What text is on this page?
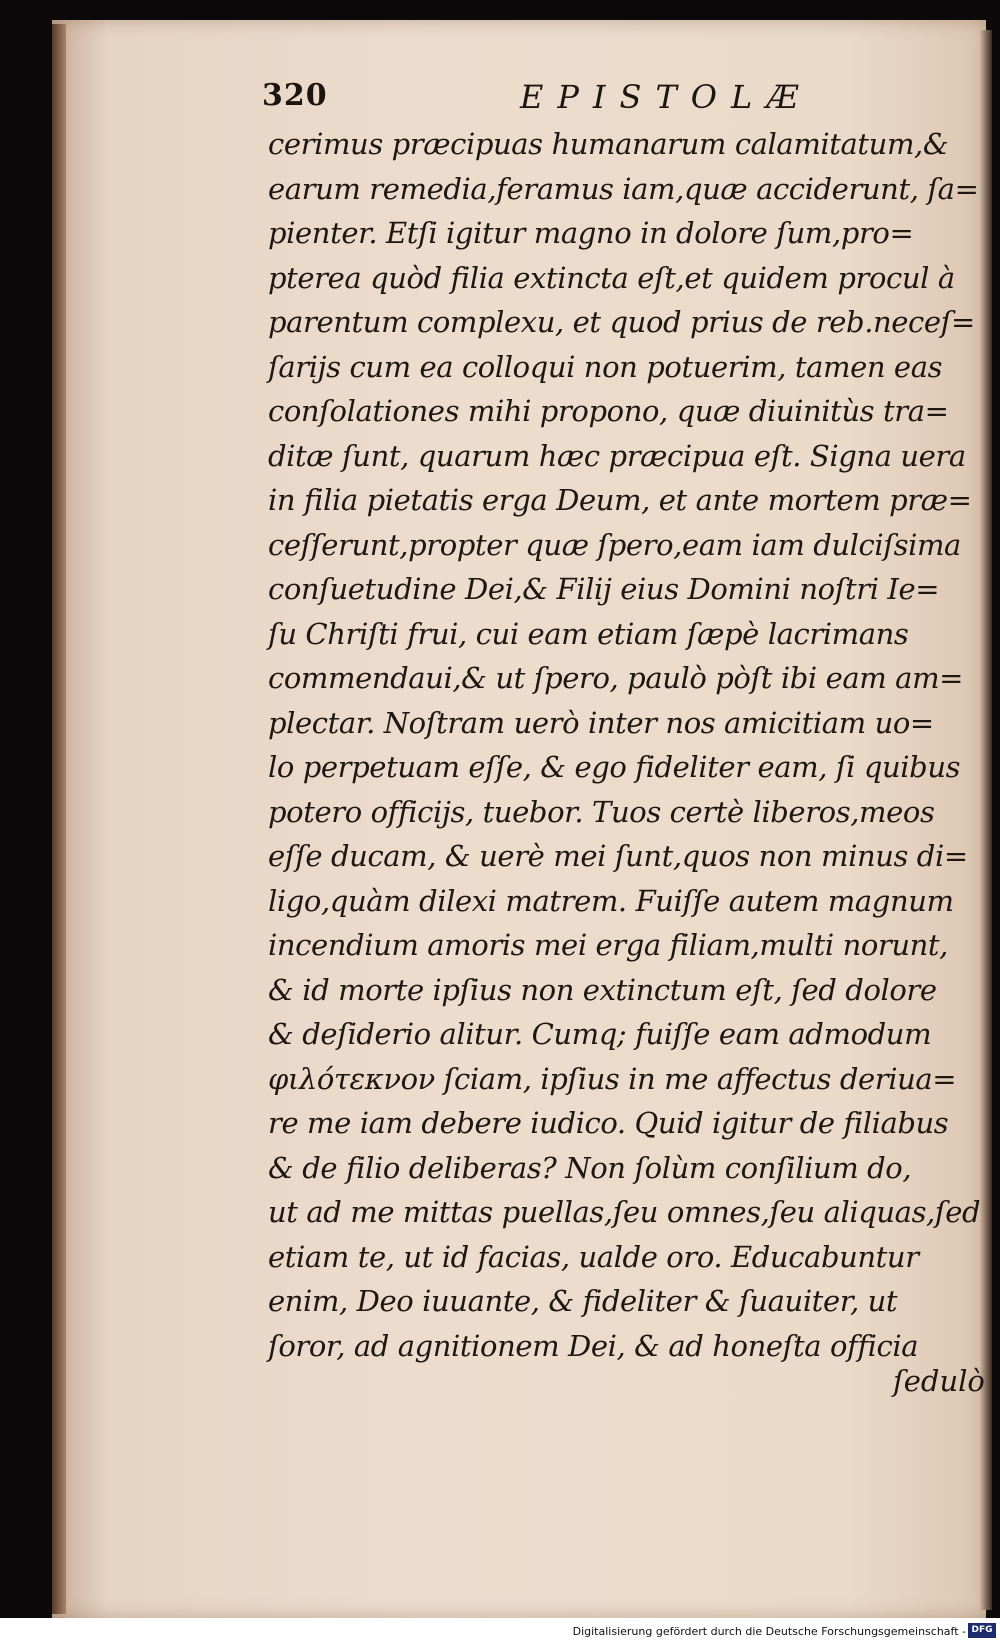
320	EPISTOLÆ
cerimus præcipuas humanarum calamitatum,&
earum remedia,feramus iam,quæ acciderunt, ſa=
pienter. Etſi igitur magno in dolore ſum,pro=
pterea quòd filia extincta eſt,et quidem procul à
parentum complexu, et quod prius de reb.neceſ=
ſarijs cum ea colloqui non potuerim, tamen eas
conſolationes mihi propono, quæ diuinitùs tra=
ditæ ſunt, quarum hæc præcipua eſt. Signa uera
in filia pietatis erga Deum, et ante mortem præ=
ceſſerunt,propter quæ ſpero,eam iam dulciſsima
conſuetudine Dei,& Filij eius Domini noſtri Ie=
ſu Chriſti frui, cui eam etiam ſæpè lacrimans
commendaui,& ut ſpero, paulò pòſt ibi eam am=
plectar. Noſtram uerò inter nos amicitiam uo=
lo perpetuam eſſe, & ego fideliter eam, ſi quibus
potero officijs, tuebor. Tuos certè liberos,meos
eſſe ducam, & uerè mei ſunt,quos non minus di=
ligo,quàm dilexi matrem. Fuiſſe autem magnum
incendium amoris mei erga filiam,multi norunt,
& id morte ipſius non extinctum eſt, ſed dolore
& deſiderio alitur. Cumq; fuiſſe eam admodum
φιλότεκνον ſciam, ipſius in me affectus deriua=
re me iam debere iudico. Quid igitur de filiabus
& de filio deliberas? Non ſolùm conſilium do,
ut ad me mittas puellas,ſeu omnes,ſeu aliquas,ſed
etiam te, ut id facias, ualde oro. Educabuntur
enim, Deo iuuante, & fideliter & ſuauiter, ut
ſoror, ad agnitionem Dei, & ad honeſta officia
ſedulò
Digitalisierung gefördert durch die Deutsche Forschungsgemeinschaft - DFG
